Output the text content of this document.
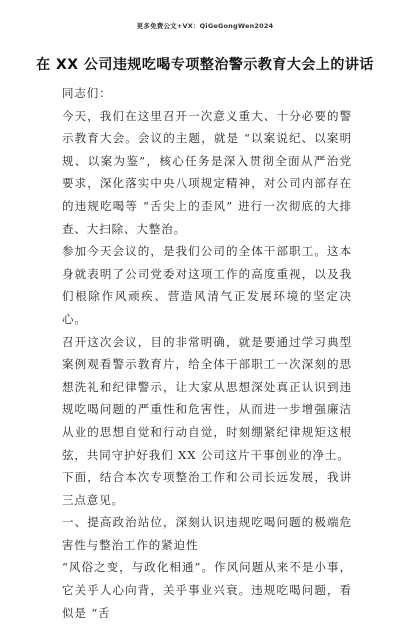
更多免费公文+VX：QiGeGongWen2024
在 XX 公司违规吃喝专项整治警示教育大会上的讲话

同志们：

今天，我们在这里召开一次意义重大、十分必要的警示教育大会。会议的主题，就是 “以案说纪、以案明规、以案为鉴”，核心任务是深入贯彻全面从严治党要求，深化落实中央八项规定精神，对公司内部存在的违规吃喝等 “舌尖上的歪风” 进行一次彻底的大排查、大扫除、大整治。

参加今天会议的，是我们公司的全体干部职工。这本身就表明了公司党委对这项工作的高度重视，以及我们根除作风顽疾、营造风清气正发展环境的坚定决心。

召开这次会议，目的非常明确，就是要通过学习典型案例观看警示教育片，给全体干部职工一次深刻的思想洗礼和纪律警示，让大家从思想深处真正认识到违规吃喝问题的严重性和危害性，从而进一步增强廉洁从业的思想自觉和行动自觉，时刻绷紧纪律规矩这根弦，共同守护好我们 XX 公司这片干事创业的净土。

下面，结合本次专项整治工作和公司长远发展，我讲三点意见。

一、提高政治站位，深刻认识违规吃喝问题的极端危害性与整治工作的紧迫性

“风俗之变，与政化相通”。作风问题从来不是小事，它关乎人心向背，关乎事业兴衰。违规吃喝问题，看似是 “舌
